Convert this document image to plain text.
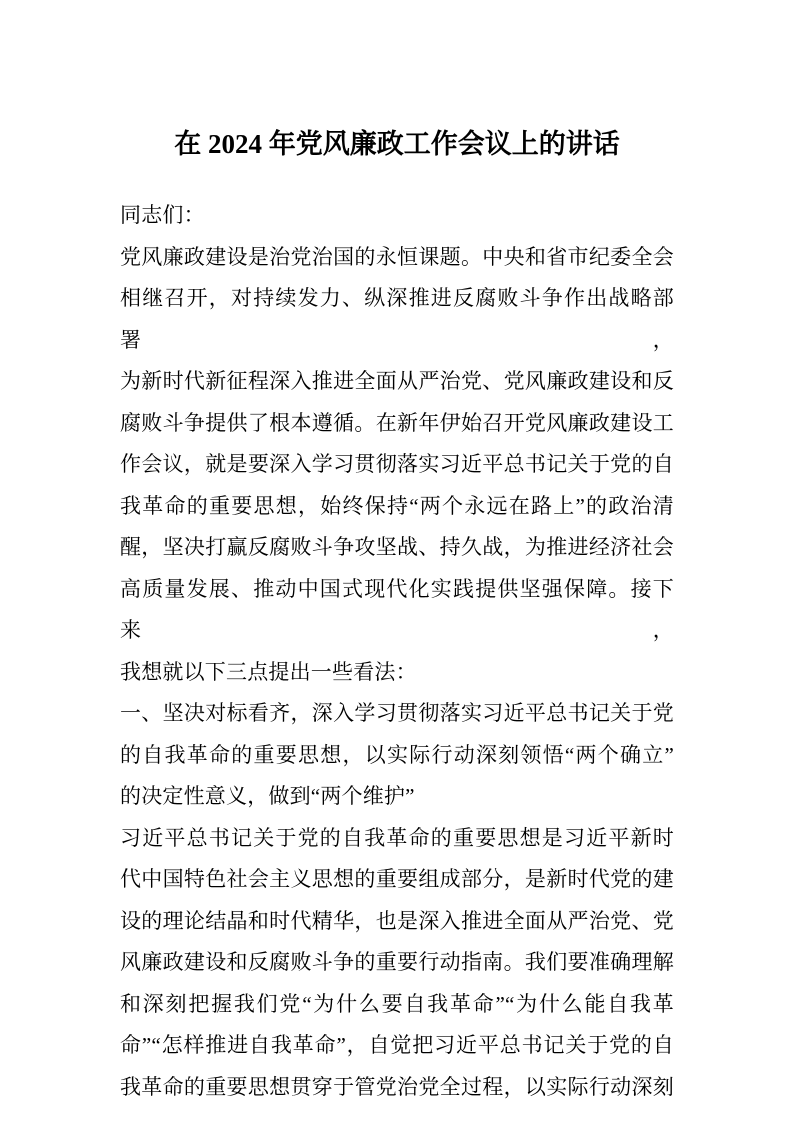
在 2024 年党风廉政工作会议上的讲话
同志们：
党风廉政建设是治党治国的永恒课题。中央和省市纪委全会
相继召开，对持续发力、纵深推进反腐败斗争作出战略部署，
为新时代新征程深入推进全面从严治党、党风廉政建设和反
腐败斗争提供了根本遵循。在新年伊始召开党风廉政建设工
作会议，就是要深入学习贯彻落实习近平总书记关于党的自
我革命的重要思想，始终保持“两个永远在路上”的政治清
醒，坚决打赢反腐败斗争攻坚战、持久战，为推进经济社会
高质量发展、推动中国式现代化实践提供坚强保障。接下来，
我想就以下三点提出一些看法：
一、坚决对标看齐，深入学习贯彻落实习近平总书记关于党
的自我革命的重要思想，以实际行动深刻领悟“两个确立”
的决定性意义，做到“两个维护”
习近平总书记关于党的自我革命的重要思想是习近平新时
代中国特色社会主义思想的重要组成部分，是新时代党的建
设的理论结晶和时代精华，也是深入推进全面从严治党、党
风廉政建设和反腐败斗争的重要行动指南。我们要准确理解
和深刻把握我们党“为什么要自我革命”“为什么能自我革
命”“怎样推进自我革命”，自觉把习近平总书记关于党的自
我革命的重要思想贯穿于管党治党全过程，以实际行动深刻
